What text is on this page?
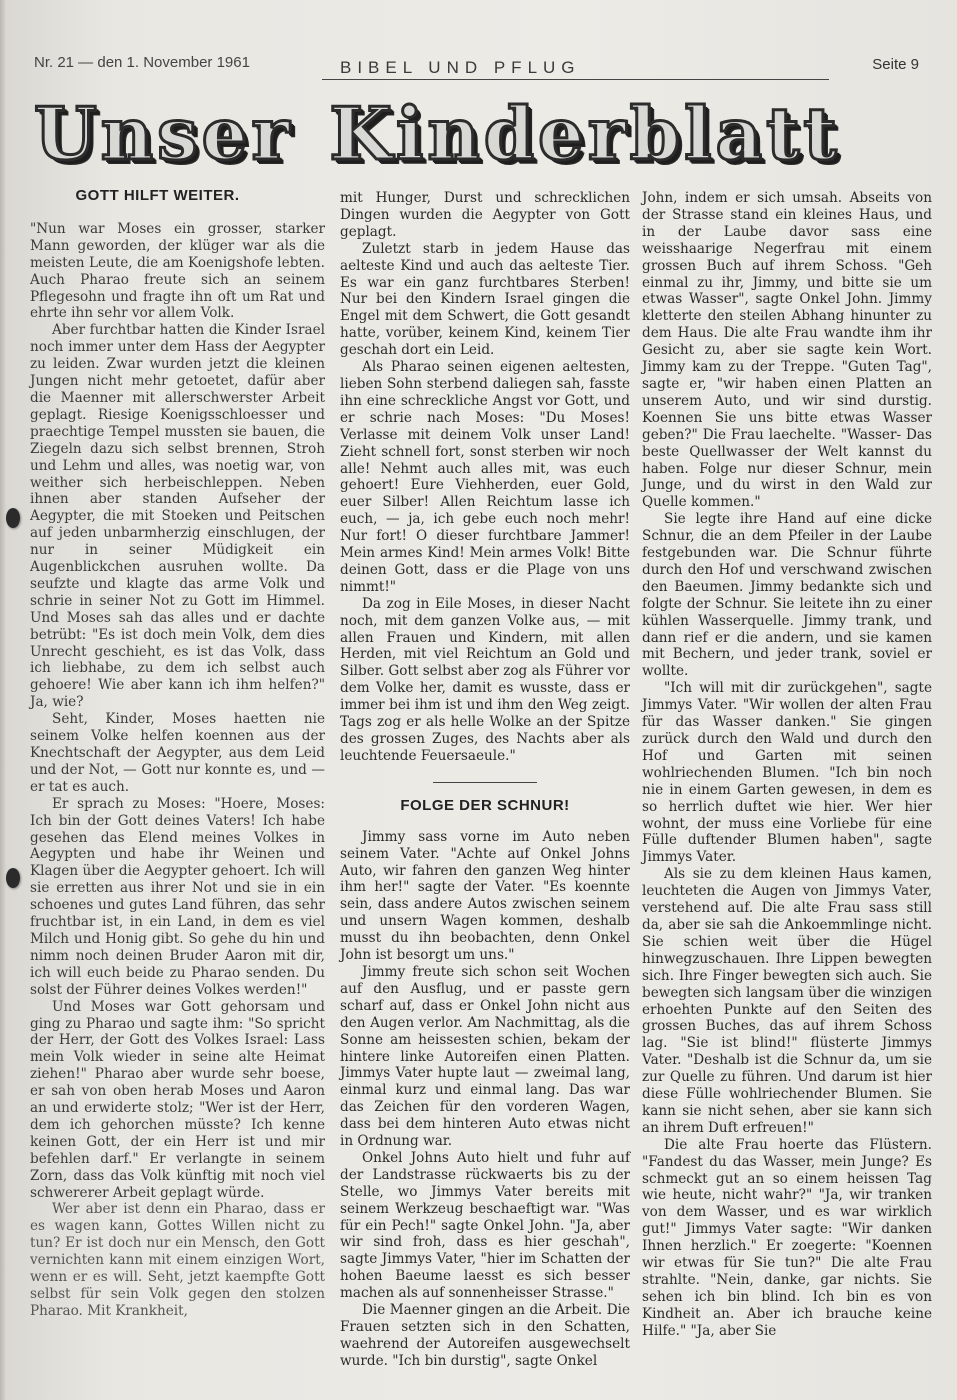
Nr. 21 — den 1. November 1961	BIBEL UND PFLUG	Seite 9
Unser Kinderblatt
GOTT HILFT WEITER.

"Nun war Moses ein grosser, starker Mann geworden, der klüger war als die meisten Leute, die am Koenigshofe lebten. Auch Pharao freute sich an seinem Pflegesohn und fragte ihn oft um Rat und ehrte ihn sehr vor allem Volk.

Aber furchtbar hatten die Kinder Israel noch immer unter dem Hass der Aegypter zu leiden. Zwar wurden jetzt die kleinen Jungen nicht mehr getoetet, dafür aber die Maenner mit allerschwerster Arbeit geplagt. Riesige Koenigsschloesser und praechtige Tempel mussten sie bauen, die Ziegeln dazu sich selbst brennen, Stroh und Lehm und alles, was noetig war, von weither sich herbeischleppen. Neben ihnen aber standen Aufseher der Aegypter, die mit Stoeken und Peitschen auf jeden unbarmherzig einschlugen, der nur in seiner Müdigkeit ein Augenblickchen ausruhen wollte. Da seufzte und klagte das arme Volk und schrie in seiner Not zu Gott im Himmel. Und Moses sah das alles und er dachte betrübt: "Es ist doch mein Volk, dem dies Unrecht geschieht, es ist das Volk, dass ich liebhabe, zu dem ich selbst auch gehoere! Wie aber kann ich ihm helfen?" Ja, wie?

Seht, Kinder, Moses haetten nie seinem Volke helfen koennen aus der Knechtschaft der Aegypter, aus dem Leid und der Not, — Gott nur konnte es, und — er tat es auch.

Er sprach zu Moses: "Hoere, Moses: Ich bin der Gott deines Vaters! Ich habe gesehen das Elend meines Volkes in Aegypten und habe ihr Weinen und Klagen über die Aegypter gehoert. Ich will sie erretten aus ihrer Not und sie in ein schoenes und gutes Land führen, das sehr fruchtbar ist, in ein Land, in dem es viel Milch und Honig gibt. So gehe du hin und nimm noch deinen Bruder Aaron mit dir, ich will euch beide zu Pharao senden. Du solst der Führer deines Volkes werden!"

Und Moses war Gott gehorsam und ging zu Pharao und sagte ihm: "So spricht der Herr, der Gott des Volkes Israel: Lass mein Volk wieder in seine alte Heimat ziehen!" Pharao aber wurde sehr boese, er sah von oben herab Moses und Aaron an und erwiderte stolz; "Wer ist der Herr, dem ich gehorchen müsste? Ich kenne keinen Gott, der ein Herr ist und mir befehlen darf." Er verlangte in seinem Zorn, dass das Volk künftig mit noch viel schwererer Arbeit geplagt würde.

Wer aber ist denn ein Pharao, dass er es wagen kann, Gottes Willen nicht zu tun? Er ist doch nur ein Mensch, den Gott vernichten kann mit einem einzigen Wort, wenn er es will. Seht, jetzt kaempfte Gott selbst für sein Volk gegen den stolzen Pharao. Mit Krankheit,

mit Hunger, Durst und schrecklichen Dingen wurden die Aegypter von Gott geplagt.

Zuletzt starb in jedem Hause das aelteste Kind und auch das aelteste Tier. Es war ein ganz furchtbares Sterben! Nur bei den Kindern Israel gingen die Engel mit dem Schwert, die Gott gesandt hatte, vorüber, keinem Kind, keinem Tier geschah dort ein Leid.

Als Pharao seinen eigenen aeltesten, lieben Sohn sterbend daliegen sah, fasste ihn eine schreckliche Angst vor Gott, und er schrie nach Moses: "Du Moses! Verlasse mit deinem Volk unser Land! Zieht schnell fort, sonst sterben wir noch alle! Nehmt auch alles mit, was euch gehoert! Eure Viehherden, euer Gold, euer Silber! Allen Reichtum lasse ich euch, — ja, ich gebe euch noch mehr! Nur fort! O dieser furchtbare Jammer! Mein armes Kind! Mein armes Volk! Bitte deinen Gott, dass er die Plage von uns nimmt!"

Da zog in Eile Moses, in dieser Nacht noch, mit dem ganzen Volke aus, — mit allen Frauen und Kindern, mit allen Herden, mit viel Reichtum an Gold und Silber. Gott selbst aber zog als Führer vor dem Volke her, damit es wusste, dass er immer bei ihm ist und ihm den Weg zeigt. Tags zog er als helle Wolke an der Spitze des grossen Zuges, des Nachts aber als leuchtende Feuersaeule."

FOLGE DER SCHNUR!

Jimmy sass vorne im Auto neben seinem Vater. "Achte auf Onkel Johns Auto, wir fahren den ganzen Weg hinter ihm her!" sagte der Vater. "Es koennte sein, dass andere Autos zwischen seinem und unsern Wagen kommen, deshalb musst du ihn beobachten, denn Onkel John ist besorgt um uns."

Jimmy freute sich schon seit Wochen auf den Ausflug, und er passte gern scharf auf, dass er Onkel John nicht aus den Augen verlor. Am Nachmittag, als die Sonne am heissesten schien, bekam der hintere linke Autoreifen einen Platten. Jimmys Vater hupte laut — zweimal lang, einmal kurz und einmal lang. Das war das Zeichen für den vorderen Wagen, dass bei dem hinteren Auto etwas nicht in Ordnung war.

Onkel Johns Auto hielt und fuhr auf der Landstrasse rückwaerts bis zu der Stelle, wo Jimmys Vater bereits mit seinem Werkzeug beschaeftigt war. "Was für ein Pech!" sagte Onkel John. "Ja, aber wir sind froh, dass es hier geschah", sagte Jimmys Vater, "hier im Schatten der hohen Baeume laesst es sich besser machen als auf sonnenheisser Strasse."

Die Maenner gingen an die Arbeit. Die Frauen setzten sich in den Schatten, waehrend der Autoreifen ausgewechselt wurde. "Ich bin durstig", sagte Onkel

John, indem er sich umsah. Abseits von der Strasse stand ein kleines Haus, und in der Laube davor sass eine weisshaarige Negerfrau mit einem grossen Buch auf ihrem Schoss. "Geh einmal zu ihr, Jimmy, und bitte sie um etwas Wasser", sagte Onkel John. Jimmy kletterte den steilen Abhang hinunter zu dem Haus. Die alte Frau wandte ihm ihr Gesicht zu, aber sie sagte kein Wort. Jimmy kam zu der Treppe. "Guten Tag", sagte er, "wir haben einen Platten an unserem Auto, und wir sind durstig. Koennen Sie uns bitte etwas Wasser geben?" Die Frau laechelte. "Wasser- Das beste Quellwasser der Welt kannst du haben. Folge nur dieser Schnur, mein Junge, und du wirst in den Wald zur Quelle kommen."

Sie legte ihre Hand auf eine dicke Schnur, die an dem Pfeiler in der Laube festgebunden war. Die Schnur führte durch den Hof und verschwand zwischen den Baeumen. Jimmy bedankte sich und folgte der Schnur. Sie leitete ihn zu einer kühlen Wasserquelle. Jimmy trank, und dann rief er die andern, und sie kamen mit Bechern, und jeder trank, soviel er wollte.

"Ich will mit dir zurückgehen", sagte Jimmys Vater. "Wir wollen der alten Frau für das Wasser danken." Sie gingen zurück durch den Wald und durch den Hof und Garten mit seinen wohlriechenden Blumen. "Ich bin noch nie in einem Garten gewesen, in dem es so herrlich duftet wie hier. Wer hier wohnt, der muss eine Vorliebe für eine Fülle duftender Blumen haben", sagte Jimmys Vater.

Als sie zu dem kleinen Haus kamen, leuchteten die Augen von Jimmys Vater, verstehend auf. Die alte Frau sass still da, aber sie sah die Ankoemmlinge nicht. Sie schien weit über die Hügel hinwegzuschauen. Ihre Lippen bewegten sich. Ihre Finger bewegten sich auch. Sie bewegten sich langsam über die winzigen erhoehten Punkte auf den Seiten des grossen Buches, das auf ihrem Schoss lag. "Sie ist blind!" flüsterte Jimmys Vater. "Deshalb ist die Schnur da, um sie zur Quelle zu führen. Und darum ist hier diese Fülle wohlriechender Blumen. Sie kann sie nicht sehen, aber sie kann sich an ihrem Duft erfreuen!"

Die alte Frau hoerte das Flüstern. "Fandest du das Wasser, mein Junge? Es schmeckt gut an so einem heissen Tag wie heute, nicht wahr?" "Ja, wir tranken von dem Wasser, und es war wirklich gut!" Jimmys Vater sagte: "Wir danken Ihnen herzlich." Er zoegerte: "Koennen wir etwas für Sie tun?" Die alte Frau strahlte. "Nein, danke, gar nichts. Sie sehen ich bin blind. Ich bin es von Kindheit an. Aber ich brauche keine Hilfe." "Ja, aber Sie
